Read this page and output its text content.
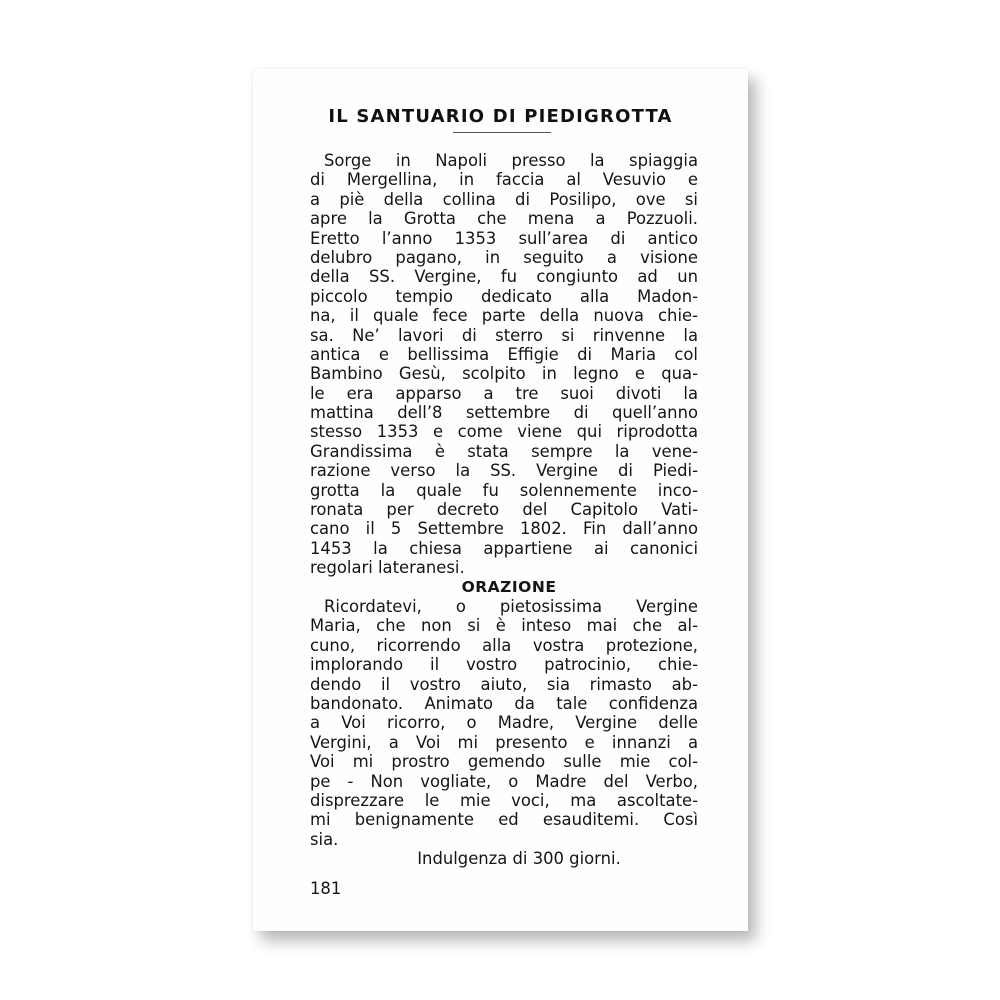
IL SANTUARIO DI PIEDIGROTTA
Sorge in Napoli presso la spiaggia
di Mergellina, in faccia al Vesuvio e
a piè della collina di Posilipo, ove si
apre la Grotta che mena a Pozzuoli.
Eretto l’anno 1353 sull’area di antico
delubro pagano, in seguito a visione
della SS. Vergine, fu congiunto ad un
piccolo tempio dedicato alla Madon-
na, il quale fece parte della nuova chie-
sa. Ne’ lavori di sterro si rinvenne la
antica e bellissima Effigie di Maria col
Bambino Gesù, scolpito in legno e qua-
le era apparso a tre suoi divoti la
mattina dell’8 settembre di quell’anno
stesso 1353 e come viene qui riprodotta
Grandissima è stata sempre la vene-
razione verso la SS. Vergine di Piedi-
grotta la quale fu solennemente inco-
ronata per decreto del Capitolo Vati-
cano il 5 Settembre 1802. Fin dall’anno
1453 la chiesa appartiene ai canonici
regolari lateranesi.
ORAZIONE
Ricordatevi, o pietosissima Vergine
Maria, che non si è inteso mai che al-
cuno, ricorrendo alla vostra protezione,
implorando il vostro patrocinio, chie-
dendo il vostro aiuto, sia rimasto ab-
bandonato. Animato da tale confidenza
a Voi ricorro, o Madre, Vergine delle
Vergini, a Voi mi presento e innanzi a
Voi mi prostro gemendo sulle mie col-
pe - Non vogliate, o Madre del Verbo,
disprezzare le mie voci, ma ascoltate-
mi benignamente ed esauditemi. Così
sia.
Indulgenza di 300 giorni.

181
